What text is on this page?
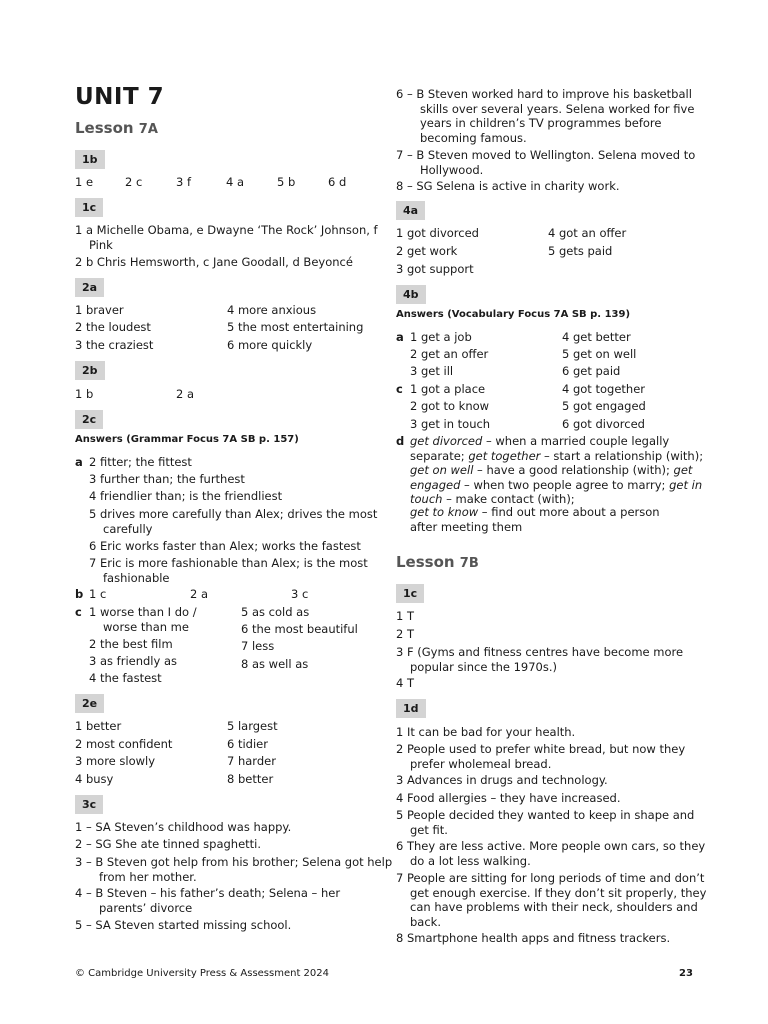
UNIT 7
Lesson 7A
1b
1 e	2 c	3 f	4 a	5 b	6 d
1c
1 a Michelle Obama, e Dwayne ‘The Rock’ Johnson, f Pink
2 b Chris Hemsworth, c Jane Goodall, d Beyoncé
2a
1 braver
2 the loudest
3 the craziest
4 more anxious
5 the most entertaining
6 more quickly
2b
1 b	2 a
2c
Answers (Grammar Focus 7A SB p. 157)
a 2 fitter; the fittest
3 further than; the furthest
4 friendlier than; is the friendliest
5 drives more carefully than Alex; drives the most carefully
6 Eric works faster than Alex; works the fastest
7 Eric is more fashionable than Alex; is the most fashionable
b 1 c	2 a	3 c
c 1 worse than I do / worse than me
2 the best film
3 as friendly as
4 the fastest
5 as cold as
6 the most beautiful
7 less
8 as well as
2e
1 better
2 most confident
3 more slowly
4 busy
5 largest
6 tidier
7 harder
8 better
3c
1 – SA Steven’s childhood was happy.
2 – SG She ate tinned spaghetti.
3 – B Steven got help from his brother; Selena got help from her mother.
4 – B Steven – his father’s death; Selena – her parents’ divorce
5 – SA Steven started missing school.
6 – B Steven worked hard to improve his basketball skills over several years. Selena worked for five years in children’s TV programmes before becoming famous.
7 – B Steven moved to Wellington. Selena moved to Hollywood.
8 – SG Selena is active in charity work.
4a
1 got divorced
2 get work
3 got support
4 got an offer
5 gets paid
4b
Answers (Vocabulary Focus 7A SB p. 139)
a 1 get a job
2 get an offer
3 get ill
4 get better
5 get on well
6 get paid
c 1 got a place
2 got to know
3 get in touch
4 got together
5 got engaged
6 got divorced
d get divorced – when a married couple legally separate; get together – start a relationship (with); get on well – have a good relationship (with); get engaged – when two people agree to marry; get in touch – make contact (with);
get to know – find out more about a person after meeting them
Lesson 7B
1c
1 T
2 T
3 F (Gyms and fitness centres have become more popular since the 1970s.)
4 T
1d
1 It can be bad for your health.
2 People used to prefer white bread, but now they prefer wholemeal bread.
3 Advances in drugs and technology.
4 Food allergies – they have increased.
5 People decided they wanted to keep in shape and get fit.
6 They are less active. More people own cars, so they do a lot less walking.
7 People are sitting for long periods of time and don’t get enough exercise. If they don’t sit properly, they can have problems with their neck, shoulders and back.
8 Smartphone health apps and fitness trackers.
© Cambridge University Press & Assessment 2024	23
